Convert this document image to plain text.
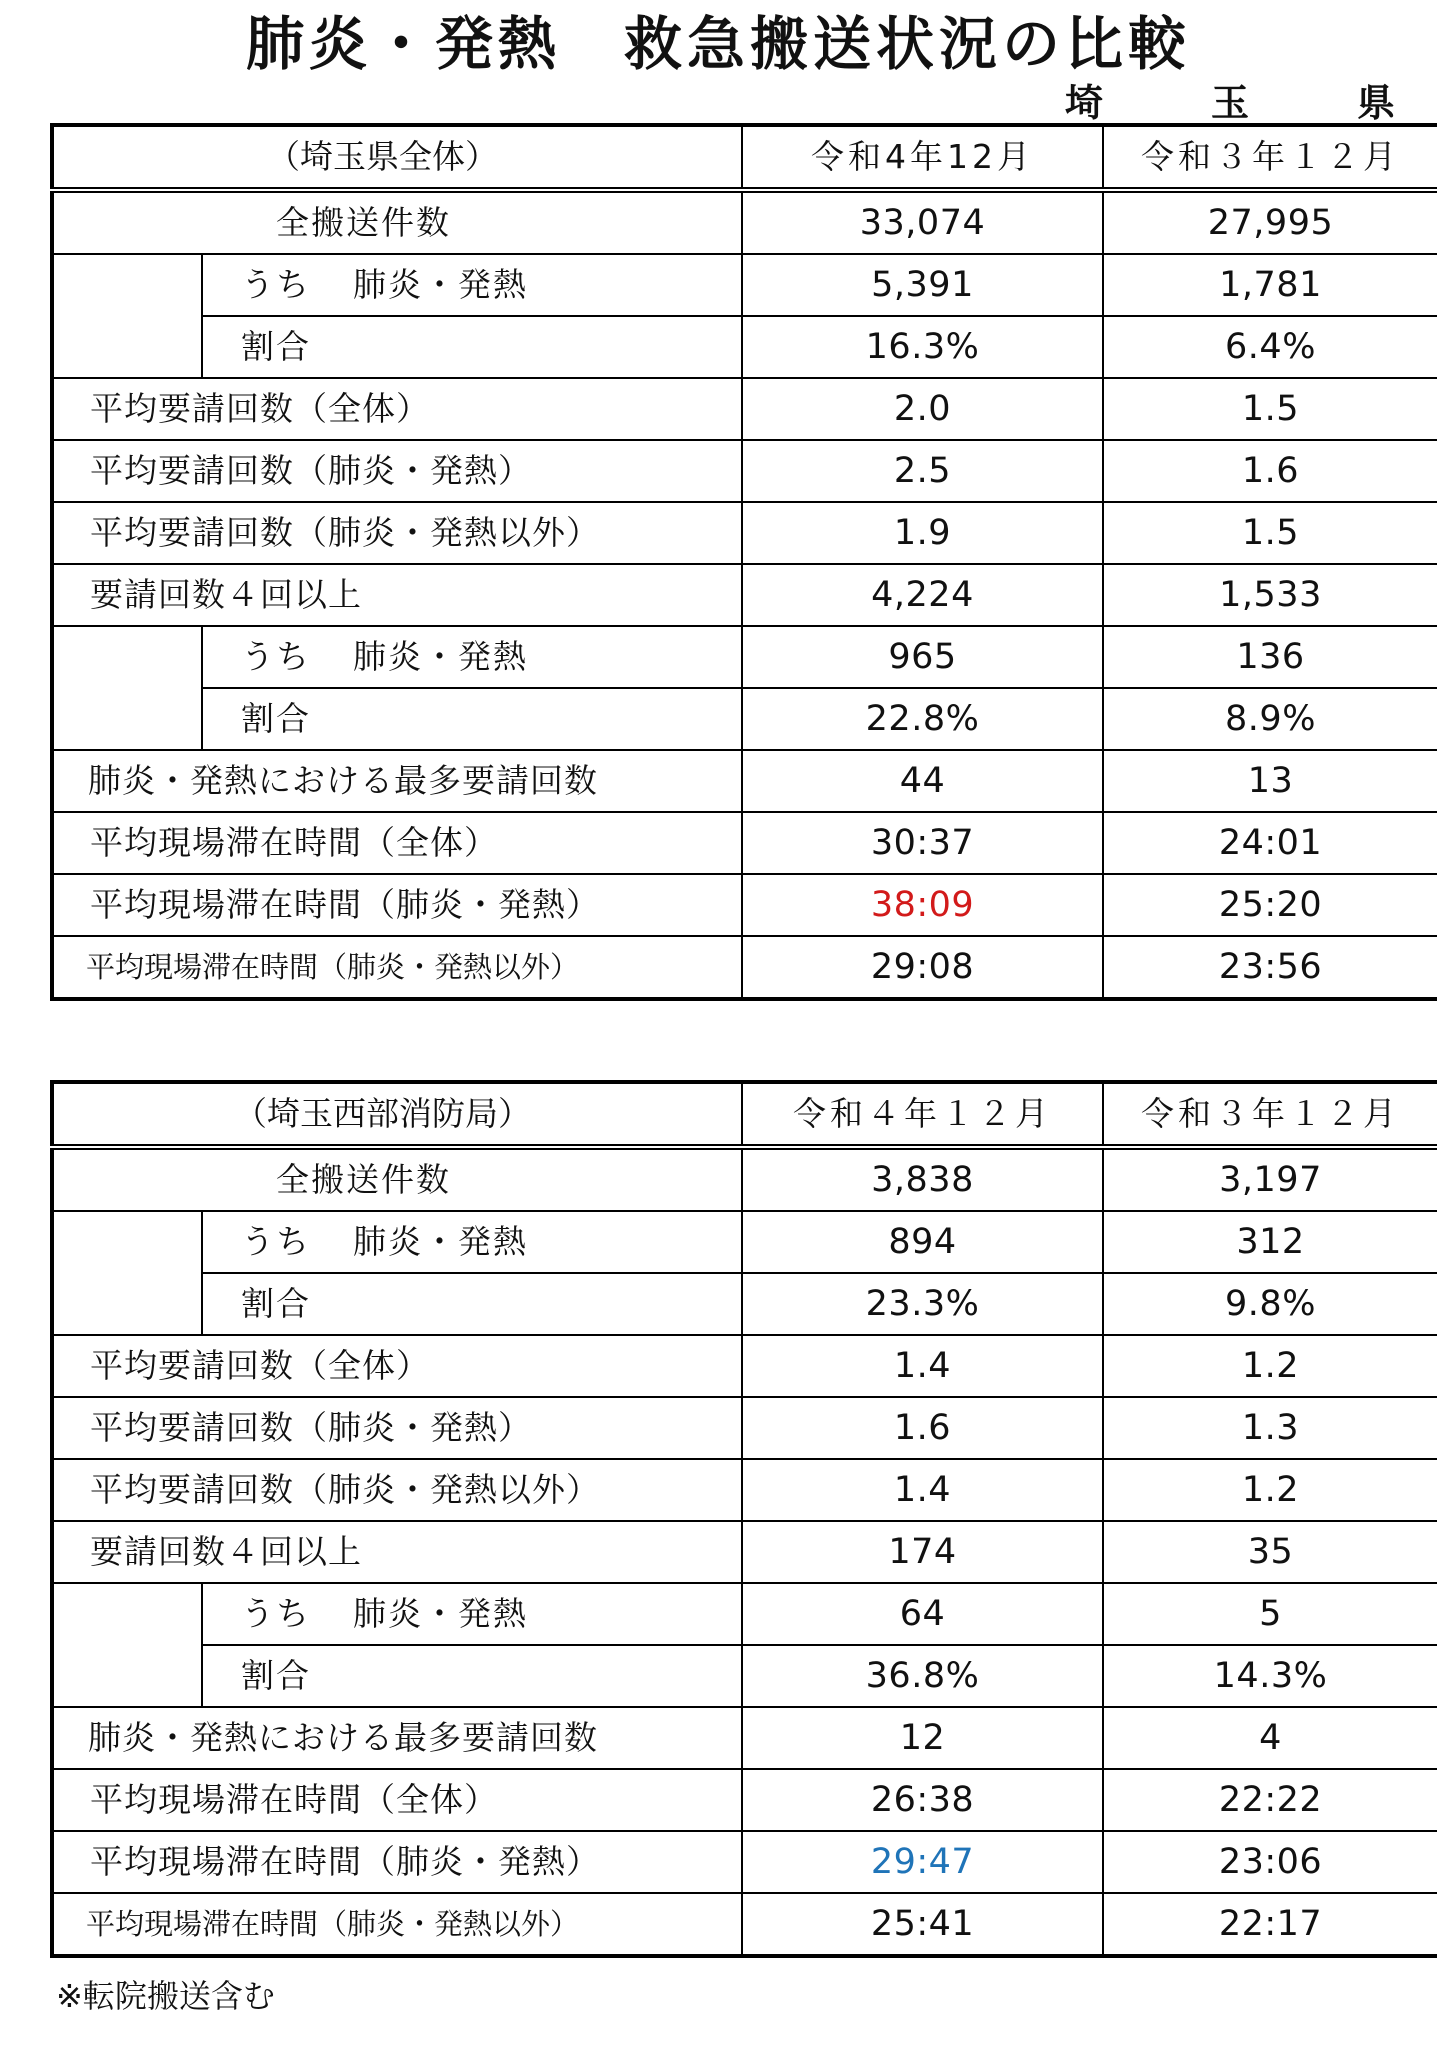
肺炎・発熱　救急搬送状況の比較
埼	玉	県
（埼玉県全体）		令和4年12月	令和３年１２月
全搬送件数		33,074	27,995
	うち 肺炎・発熱	5,391	1,781
	割合	16.3%	6.4%
平均要請回数（全体）		2.0	1.5
平均要請回数（肺炎・発熱）		2.5	1.6
平均要請回数（肺炎・発熱以外）		1.9	1.5
要請回数４回以上		4,224	1,533
	うち 肺炎・発熱	965	136
	割合	22.8%	8.9%
肺炎・発熱における最多要請回数		44	13
平均現場滞在時間（全体）		30:37	24:01
平均現場滞在時間（肺炎・発熱）		38:09	25:20
平均現場滞在時間（肺炎・発熱以外）		29:08	23:56
（埼玉西部消防局）		令和４年１２月	令和３年１２月
全搬送件数		3,838	3,197
	うち 肺炎・発熱	894	312
	割合	23.3%	9.8%
平均要請回数（全体）		1.4	1.2
平均要請回数（肺炎・発熱）		1.6	1.3
平均要請回数（肺炎・発熱以外）		1.4	1.2
要請回数４回以上		174	35
	うち 肺炎・発熱	64	5
	割合	36.8%	14.3%
肺炎・発熱における最多要請回数		12	4
平均現場滞在時間（全体）		26:38	22:22
平均現場滞在時間（肺炎・発熱）		29:47	23:06
平均現場滞在時間（肺炎・発熱以外）		25:41	22:17
※転院搬送含む
